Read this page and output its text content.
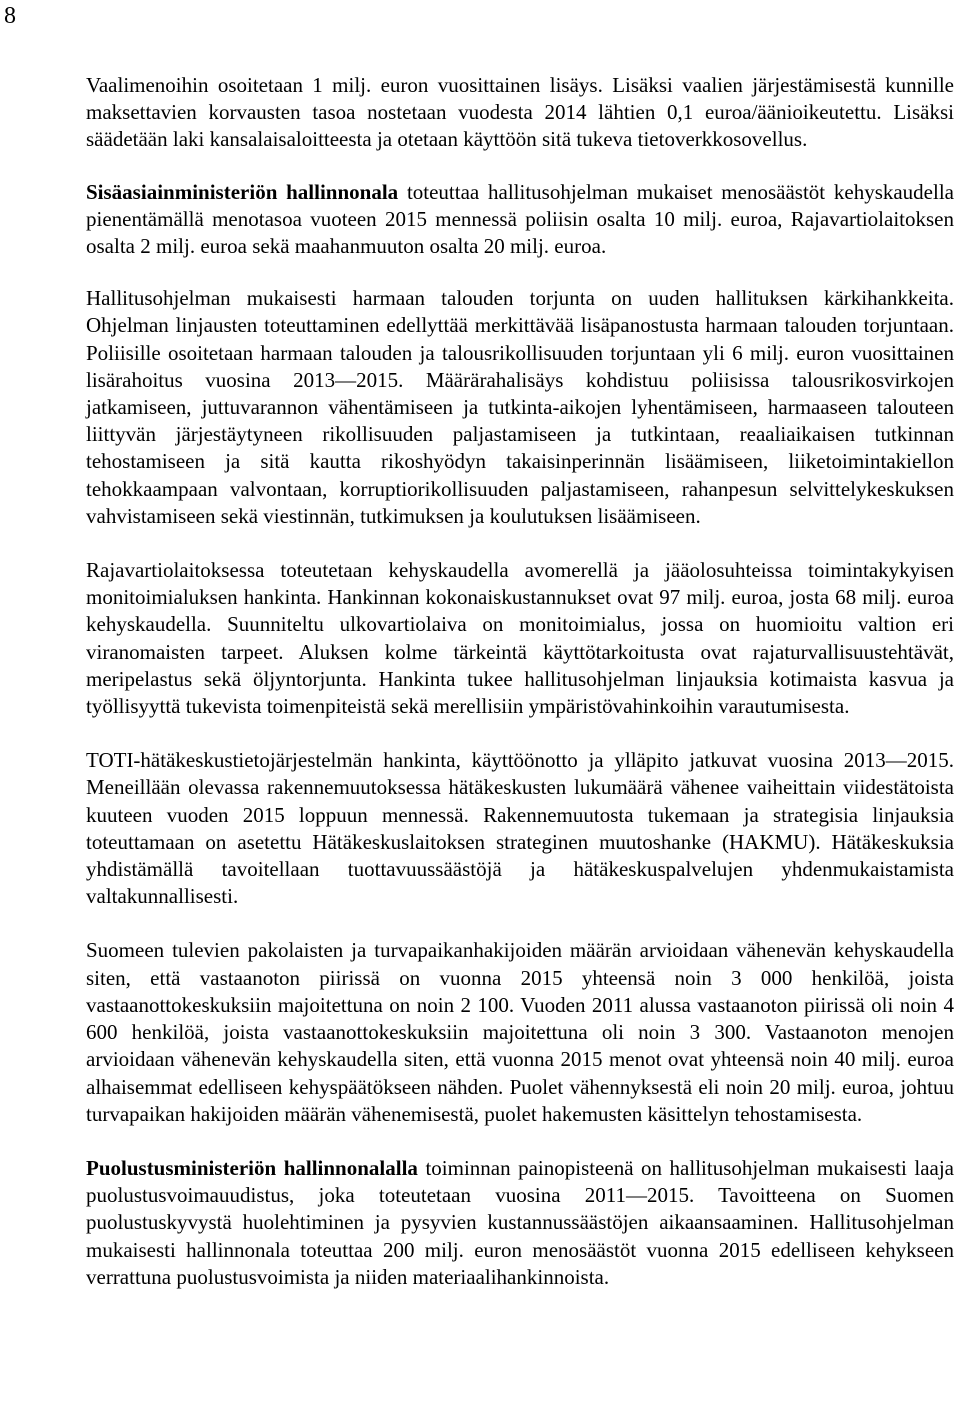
8

Vaalimenoihin osoitetaan 1 milj. euron vuosittainen lisäys. Lisäksi vaalien järjestämisestä kunnille maksettavien korvausten tasoa nostetaan vuodesta 2014 lähtien 0,1 euroa/äänioikeutettu. Lisäksi säädetään laki kansalaisaloitteesta ja otetaan käyttöön sitä tukeva tietoverkkosovellus.

Sisäasiainministeriön hallinnonala toteuttaa hallitusohjelman mukaiset menosäästöt kehyskaudella pienentämällä menotasoa vuoteen 2015 mennessä poliisin osalta 10 milj. euroa, Rajavartiolaitoksen osalta 2 milj. euroa sekä maahanmuuton osalta 20 milj. euroa.

Hallitusohjelman mukaisesti harmaan talouden torjunta on uuden hallituksen kärkihankkeita. Ohjelman linjausten toteuttaminen edellyttää merkittävää lisäpanostusta harmaan talouden torjuntaan. Poliisille osoitetaan harmaan talouden ja talousrikollisuuden torjuntaan yli 6 milj. euron vuosittainen lisärahoitus vuosina 2013—2015. Määrärahalisäys kohdistuu poliisissa talousrikosvirkojen jatkamiseen, juttuvarannon vähentämiseen ja tutkinta-aikojen lyhentämiseen, harmaaseen talouteen liittyvän järjestäytyneen rikollisuuden paljastamiseen ja tutkintaan, reaaliaikaisen tutkinnan tehostamiseen ja sitä kautta rikoshyödyn takaisinperinnän lisäämiseen, liiketoimintakiellon tehokkaampaan valvontaan, korruptiorikollisuuden paljastamiseen, rahanpesun selvittelykeskuksen vahvistamiseen sekä viestinnän, tutkimuksen ja koulutuksen lisäämiseen.

Rajavartiolaitoksessa toteutetaan kehyskaudella avomerellä ja jääolosuhteissa toimintakykyisen monitoimialuksen hankinta. Hankinnan kokonaiskustannukset ovat 97 milj. euroa, josta 68 milj. euroa kehyskaudella. Suunniteltu ulkovartiolaiva on monitoimialus, jossa on huomioitu valtion eri viranomaisten tarpeet. Aluksen kolme tärkeintä käyttötarkoitusta ovat rajaturvallisuustehtävät, meripelastus sekä öljyntorjunta. Hankinta tukee hallitusohjelman linjauksia kotimaista kasvua ja työllisyyttä tukevista toimenpiteistä sekä merellisiin ympäristövahinkoihin varautumisesta.

TOTI-hätäkeskustietojärjestelmän hankinta, käyttöönotto ja ylläpito jatkuvat vuosina 2013—2015. Meneillään olevassa rakennemuutoksessa hätäkeskusten lukumäärä vähenee vaiheittain viidestätoista kuuteen vuoden 2015 loppuun mennessä. Rakennemuutosta tukemaan ja strategisia linjauksia toteuttamaan on asetettu Hätäkeskuslaitoksen strateginen muutoshanke (HAKMU). Hätäkeskuksia yhdistämällä tavoitellaan tuottavuussäästöjä ja hätäkeskuspalvelujen yhdenmukaistamista valtakunnallisesti.

Suomeen tulevien pakolaisten ja turvapaikanhakijoiden määrän arvioidaan vähenevän kehyskaudella siten, että vastaanoton piirissä on vuonna 2015 yhteensä noin 3 000 henkilöä, joista vastaanottokeskuksiin majoitettuna on noin 2 100. Vuoden 2011 alussa vastaanoton piirissä oli noin 4 600 henkilöä, joista vastaanottokeskuksiin majoitettuna oli noin 3 300. Vastaanoton menojen arvioidaan vähenevän kehyskaudella siten, että vuonna 2015 menot ovat yhteensä noin 40 milj. euroa alhaisemmat edelliseen kehyspäätökseen nähden. Puolet vähennyksestä eli noin 20 milj. euroa, johtuu turvapaikan hakijoiden määrän vähenemisestä, puolet hakemusten käsittelyn tehostamisesta.

Puolustusministeriön hallinnonalalla toiminnan painopisteenä on hallitusohjelman mukaisesti laaja puolustusvoimauudistus, joka toteutetaan vuosina 2011—2015. Tavoitteena on Suomen puolustuskyvystä huolehtiminen ja pysyvien kustannussäästöjen aikaansaaminen. Hallitusohjelman mukaisesti hallinnonala toteuttaa 200 milj. euron menosäästöt vuonna 2015 edelliseen kehykseen verrattuna puolustusvoimista ja niiden materiaalihankinnoista.
